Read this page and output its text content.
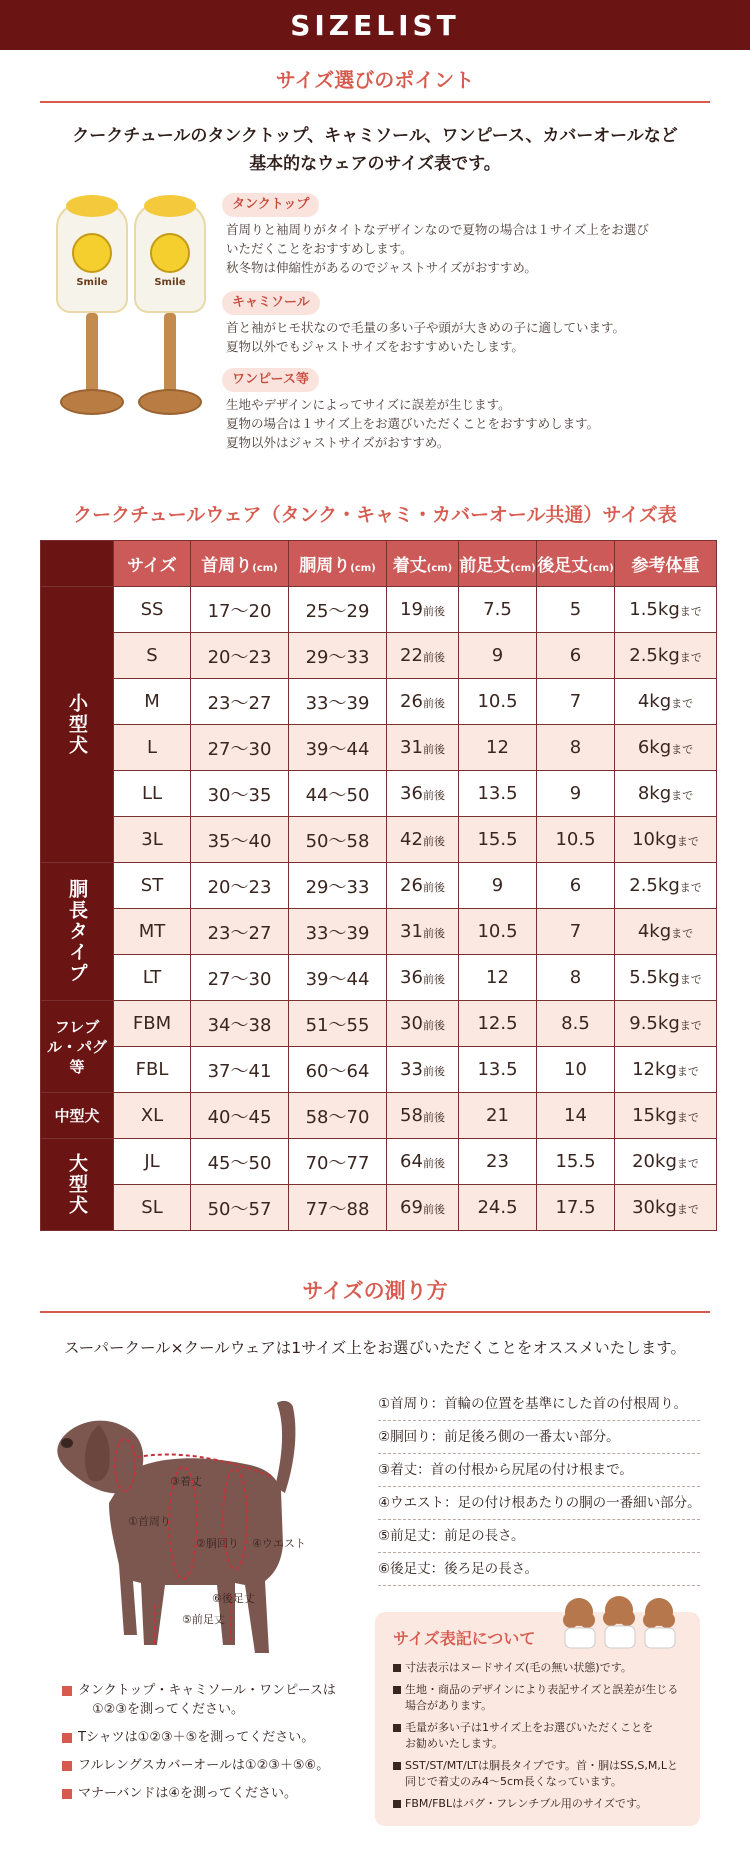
SIZELIST
サイズ選びのポイント
クークチュールのタンクトップ、キャミソール、ワンピース、カバーオールなど
基本的なウェアのサイズ表です。
Smile	Smile
タンクトップ
首周りと袖周りがタイトなデザインなので夏物の場合は１サイズ上をお選び
いただくことをおすすめします。
秋冬物は伸縮性があるのでジャストサイズがおすすめ。
キャミソール
首と袖がヒモ状なので毛量の多い子や頭が大きめの子に適しています。
夏物以外でもジャストサイズをおすすめいたします。
ワンピース等
生地やデザインによってサイズに誤差が生じます。
夏物の場合は１サイズ上をお選びいただくことをおすすめします。
夏物以外はジャストサイズがおすすめ。
クークチュールウェア（タンク・キャミ・カバーオール共通）サイズ表
	サイズ	首周り(cm)	胴周り(cm)	着丈(cm)	前足丈(cm)	後足丈(cm)	参考体重
小型犬	SS	17〜20	25〜29	19前後	7.5	5	1.5kgまで
	S	20〜23	29〜33	22前後	9	6	2.5kgまで
	M	23〜27	33〜39	26前後	10.5	7	4kgまで
	L	27〜30	39〜44	31前後	12	8	6kgまで
	LL	30〜35	44〜50	36前後	13.5	9	8kgまで
	3L	35〜40	50〜58	42前後	15.5	10.5	10kgまで
胴長タイプ	ST	20〜23	29〜33	26前後	9	6	2.5kgまで
	MT	23〜27	33〜39	31前後	10.5	7	4kgまで
	LT	27〜30	39〜44	36前後	12	8	5.5kgまで
フレブル・パグ等	FBM	34〜38	51〜55	30前後	12.5	8.5	9.5kgまで
	FBL	37〜41	60〜64	33前後	13.5	10	12kgまで
中型犬	XL	40〜45	58〜70	58前後	21	14	15kgまで
大型犬	JL	45〜50	70〜77	64前後	23	15.5	20kgまで
	SL	50〜57	77〜88	69前後	24.5	17.5	30kgまで
サイズの測り方
スーパークール×クールウェアは1サイズ上をお選びいただくことをオススメいたします。
③着丈
①首周り
②胴回り ④ウエスト
⑥後足丈
⑤前足丈
①首周り：首輪の位置を基準にした首の付根周り。
②胴回り：前足後ろ側の一番太い部分。
③着丈：首の付根から尻尾の付け根まで。
④ウエスト：足の付け根あたりの胴の一番細い部分。
⑤前足丈：前足の長さ。
⑥後足丈：後ろ足の長さ。
タンクトップ・キャミソール・ワンピースは
①②③を測ってください。
Tシャツは①②③＋⑤を測ってください。
フルレングスカバーオールは①②③＋⑤⑥。
マナーバンドは④を測ってください。
サイズ表記について
寸法表示はヌードサイズ(毛の無い状態)です。
生地・商品のデザインにより表記サイズと誤差が生じる
場合があります。
毛量が多い子は1サイズ上をお選びいただくことを
お勧めいたします。
SST/ST/MT/LTは胴長タイプです。首・胴はSS,S,M,Lと
同じで着丈のみ4〜5cm長くなっています。
FBM/FBLはパグ・フレンチブル用のサイズです。
